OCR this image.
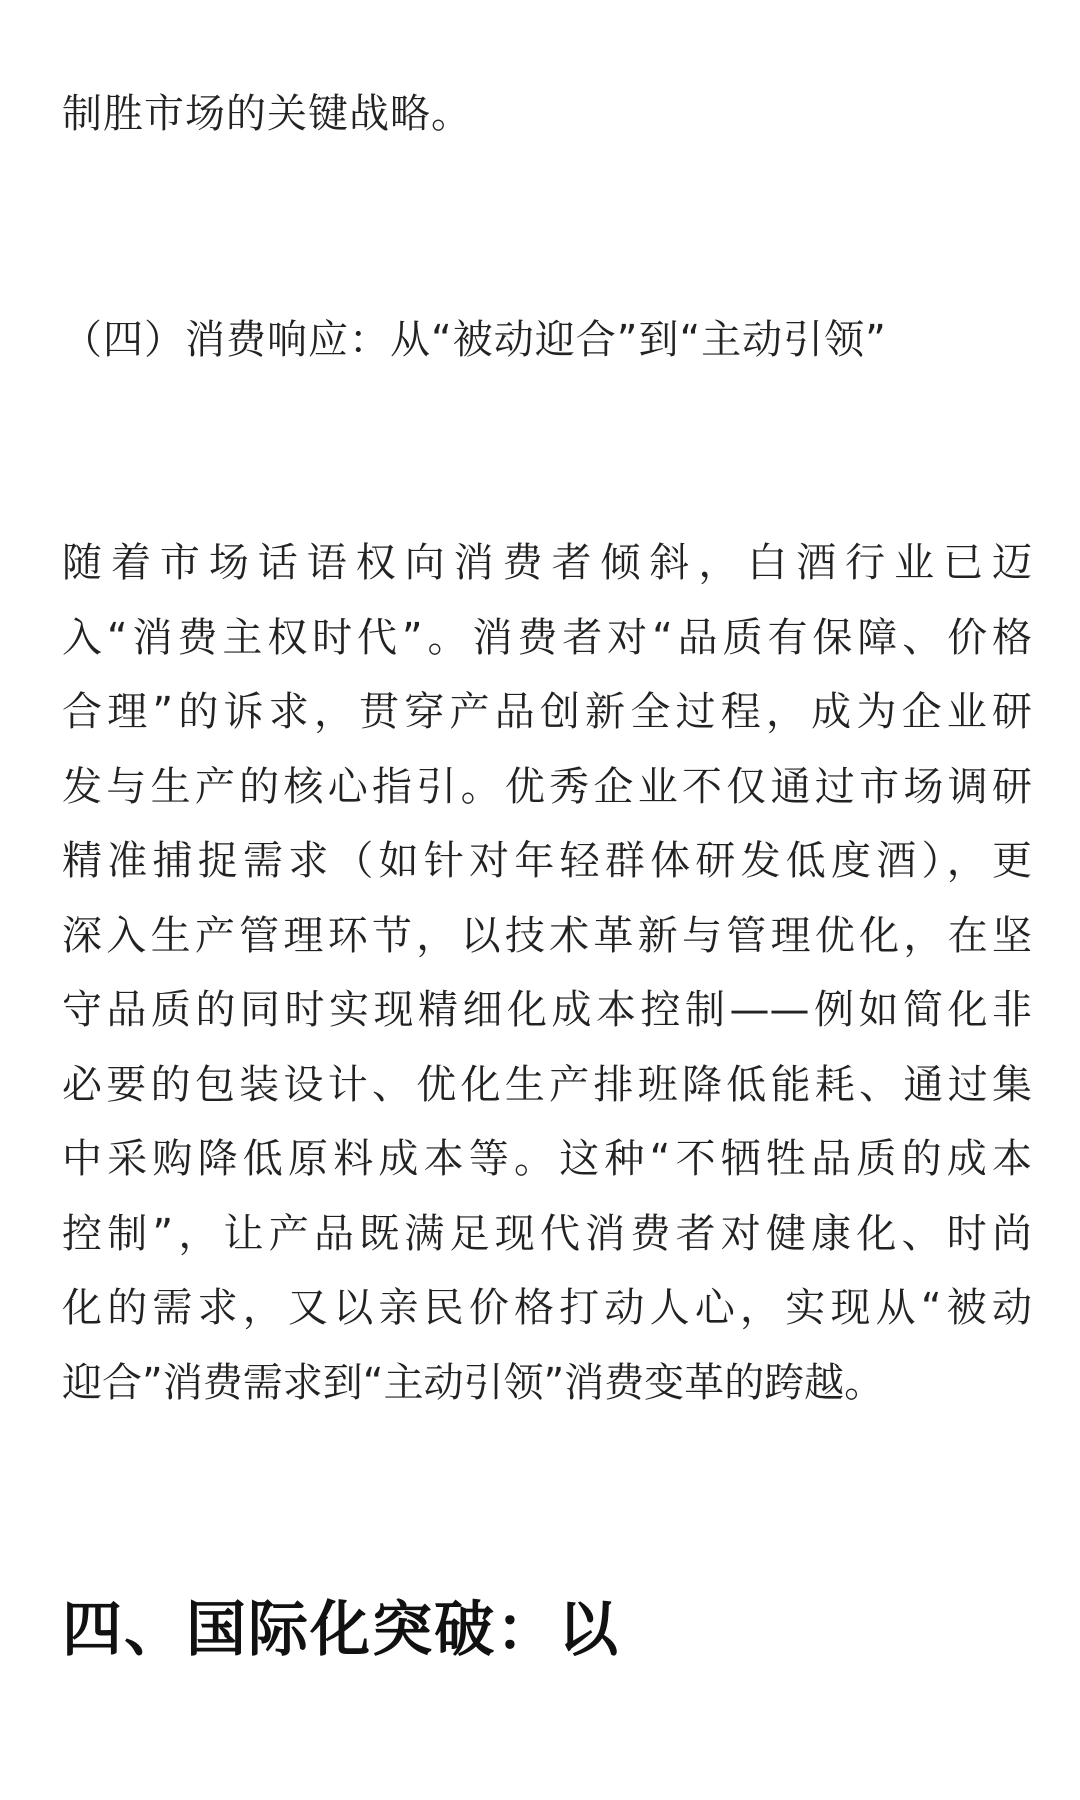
制胜市场的关键战略。

（四）消费响应：从“被动迎合”到“主动引领”

随着市场话语权向消费者倾斜，白酒行业已迈
入“消费主权时代”。消费者对“品质有保障、价格
合理”的诉求，贯穿产品创新全过程，成为企业研
发与生产的核心指引。优秀企业不仅通过市场调研
精准捕捉需求（如针对年轻群体研发低度酒），更
深入生产管理环节，以技术革新与管理优化，在坚
守品质的同时实现精细化成本控制——例如简化非
必要的包装设计、优化生产排班降低能耗、通过集
中采购降低原料成本等。这种“不牺牲品质的成本
控制”，让产品既满足现代消费者对健康化、时尚
化的需求，又以亲民价格打动人心，实现从“被动
迎合”消费需求到“主动引领”消费变革的跨越。

四、国际化突破：以
